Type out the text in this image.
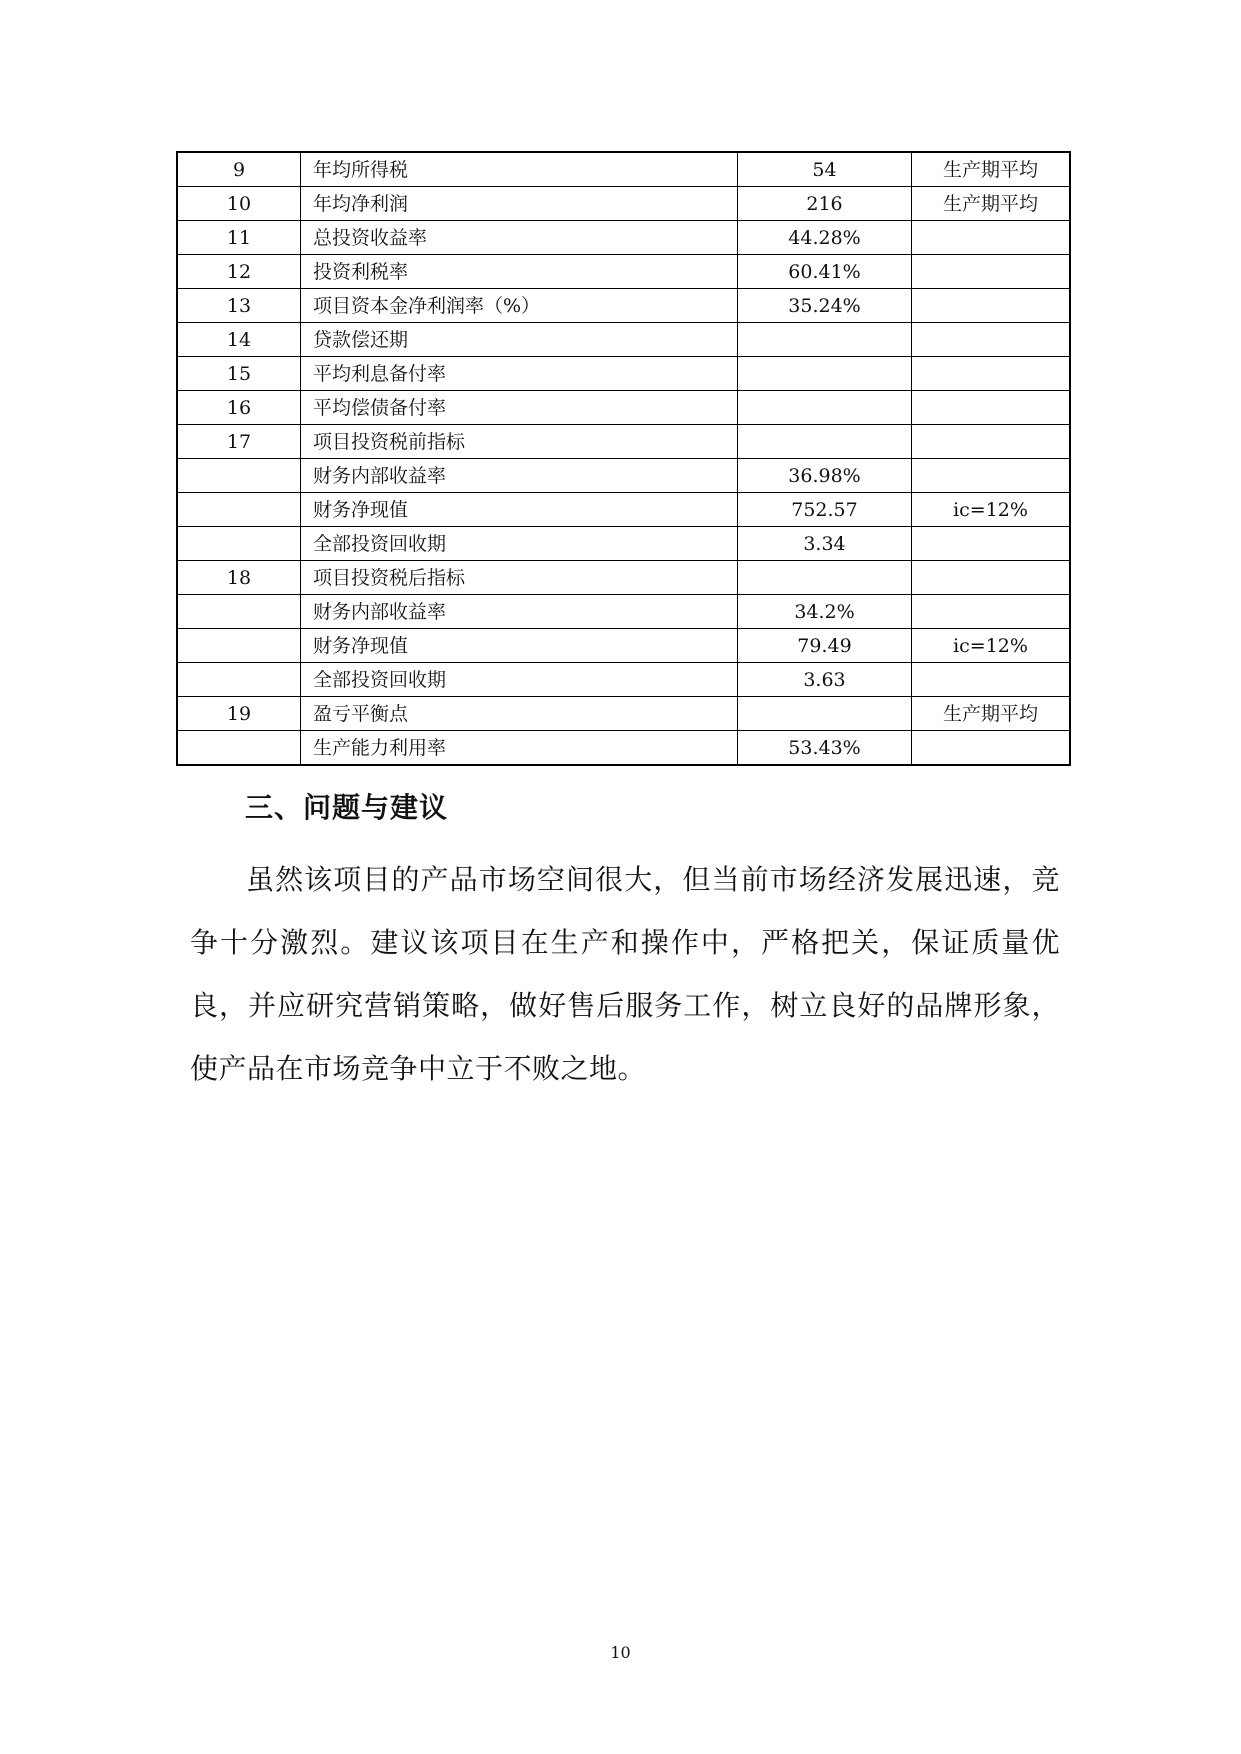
9	年均所得税	54	生产期平均
10	年均净利润	216	生产期平均
11	总投资收益率	44.28%	
12	投资利税率	60.41%	
13	项目资本金净利润率（%）	35.24%	
14	贷款偿还期		
15	平均利息备付率		
16	平均偿债备付率		
17	项目投资税前指标		
	财务内部收益率	36.98%	
	财务净现值	752.57	ic=12%
	全部投资回收期	3.34	
18	项目投资税后指标		
	财务内部收益率	34.2%	
	财务净现值	79.49	ic=12%
	全部投资回收期	3.63	
19	盈亏平衡点		生产期平均
	生产能力利用率	53.43%	
三、问题与建议

虽然该项目的产品市场空间很大，但当前市场经济发展迅速，竞争十分激烈。建议该项目在生产和操作中，严格把关，保证质量优良，并应研究营销策略，做好售后服务工作，树立良好的品牌形象，使产品在市场竞争中立于不败之地。

10
